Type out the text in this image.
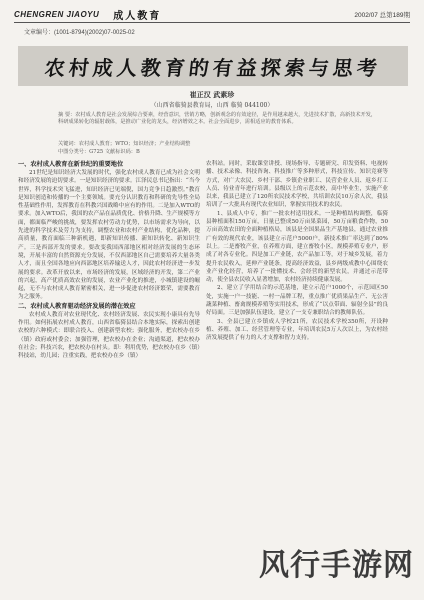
CHENGREN JIAOYU 成人教育	2002/07 总第189期
文章编号：(1001-8794)(2002)07-0025-02
农村成人教育的有益探索与思考
崔正汉 武素珍
（山西省临猗县教育局，山西 临猗 044100）

摘 要：农村成人教育是社会发展综合要素，经营意识，营销方略，创新观念的有效途径，是作用越来越大，先进技术扩散，高新技术开发，科研成果转化的辐射载体，是推动广业化的龙头，经济增效之本。社会全面进步，需相适应的教育体系。

关键词：农村成人教育；WTO；知识经济；产业结构调整
中图分类号：G725 文献标识码：B
一、农村成人教育在新世纪的重要地位

21世纪是知识经济大发展的时代，强化农村成人教育已成为社会文明和经济发展的迫切要求。一是知识经济的要求。江泽民总书记指出：“当今世界，科学技术突飞猛进，知识经济已见端倪，国力竞争日趋激烈。”教育是知识创造和传播的一个主要领域。要充分认识教育和科研的先导性全局性基础性作用，发挥教育在科教兴国战略中应有的作用。二是加入WTO的要求。加入WTO后，我国的农产品在品质优化、价格升降、生产规模等方面，都面临严峻的挑战，要发挥农村劳动力优势，以市场需求为导向，以先进的科学技术及劳力为支持，调整农业和农村产业结构，优化品种，提高质量，教育面临三种新机遇，即新知识传播、新知识转化、新知识生产。三是西部开发的要求。要改变我国西部地区相对经济发展的生态环境，开展丰富的自然资源充分发展，不仅西部地区自己需要培养大量各类人才，而且全国各地应向西部地区培养输送人才，因此农村经济进一步发展的要求。改革开放以来，市场经济的发展，区域经济的开发，第二产业的兴起，高产优质高效农业的发展，农业产业化的推进，小城镇建设的崛起，无不与农村成人教育紧密相关，进一步促进农村经济繁荣，需要教育为之服务。

二、农村成人教育驱动经济发展的潜在效应

农村成人教育对农业现代化、农村经济发展、农民实现小康具有先导作用。如何拓展农村成人教育，山西省临猗县结合本地实际，探索出创建农校的六种模式：即联合投入、创建新型农校；强化服务，把农校办在乡（镇）政府或村委会；加强管理，把农校办在企业；沟通渠道，把农校办在社会；科技兴农，把农校办在村头。即：利用优势，把农校办在乡（镇）科技站，幼儿园；注重实践，把农校办在乡（镇）

农科站。同时，采取课堂讲授、现场指导、专题研究、印发资料、电视转播、技术录像、科技咨询、科技推广等多种形式，科技宣传、知识竞赛等方式，对广大农民、乡村干部、乡镇企业职工、民营企业人员、返乡打工人员、待业青年进行培训。县级以上的示范农校，高中毕业生，实施产业以来，我县已建立了120所农民技术学校，共培训农民10万余人次，我县培训了一大批具有现代农业知识，掌握实用技术的农民。

1、县成人中专，推广一批农村适用技术。一是种植结构调整，临猗县种植面积150万亩，日量已整成50万亩果菜园，50万亩粮食作物，50万亩高效农田的全面种植格局，该县是全国果品生产基地县，通过农业推广有效的现代农业，该县建立示范户5000户，新技术推广率达到了80%以上。二是畜牧产业，在养殖方面，建立畜牧小区，规模养殖专业户，形成了对各专业化。四是加工产业链，农产品加工等，对于城乡发展，着力提升农民收入，延伸产业链条，提高经济效益，县乡两级成教中心围绕农业产业化经营，培养了一批懂技术、会经营的新型农民，并通过示范带动，使全县农民收入显著增加，农村经济持续健康发展。

2、建立了学用结合的示范基地，建立示范户1000个，示范园区50处，实施一户一技能、一村一品牌工程，重点推广优质果品生产、无公害蔬菜种植、畜禽规模养殖等实用技术，形成了“以点带面、辐射全县”的良好局面。三是加强队伍建设，建立了一支专兼职结合的教师队伍。

3、全县已建立乡镇成人学校21所，农民技术学校350所，开设种植、养殖、加工、经营管理等专业，年培训农民5万人次以上，为农村经济发展提供了有力的人才支撑和智力支持。

风行手游网
